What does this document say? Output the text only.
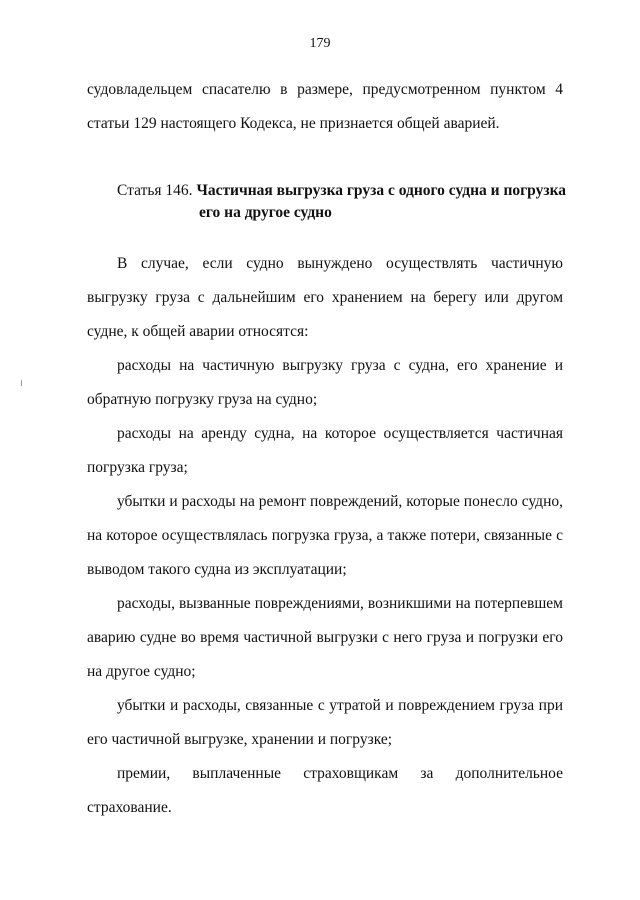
179

судовладельцем спасателю в размере, предусмотренном пунктом 4 статьи 129 настоящего Кодекса, не признается общей аварией.

Статья 146. Частичная выгрузка груза с одного судна и погрузка
его на другое судно

В случае, если судно вынуждено осуществлять частичную выгрузку груза с дальнейшим его хранением на берегу или другом судне, к общей аварии относятся:

расходы на частичную выгрузку груза с судна, его хранение и обратную погрузку груза на судно;

расходы на аренду судна, на которое осуществляется частичная погрузка груза;

убытки и расходы на ремонт повреждений, которые понесло судно, на которое осуществлялась погрузка груза, а также потери, связанные с выводом такого судна из эксплуатации;

расходы, вызванные повреждениями, возникшими на потерпевшем аварию судне во время частичной выгрузки с него груза и погрузки его на другое судно;

убытки и расходы, связанные с утратой и повреждением груза при его частичной выгрузке, хранении и погрузке;

премии, выплаченные страховщикам за дополнительное страхование.
